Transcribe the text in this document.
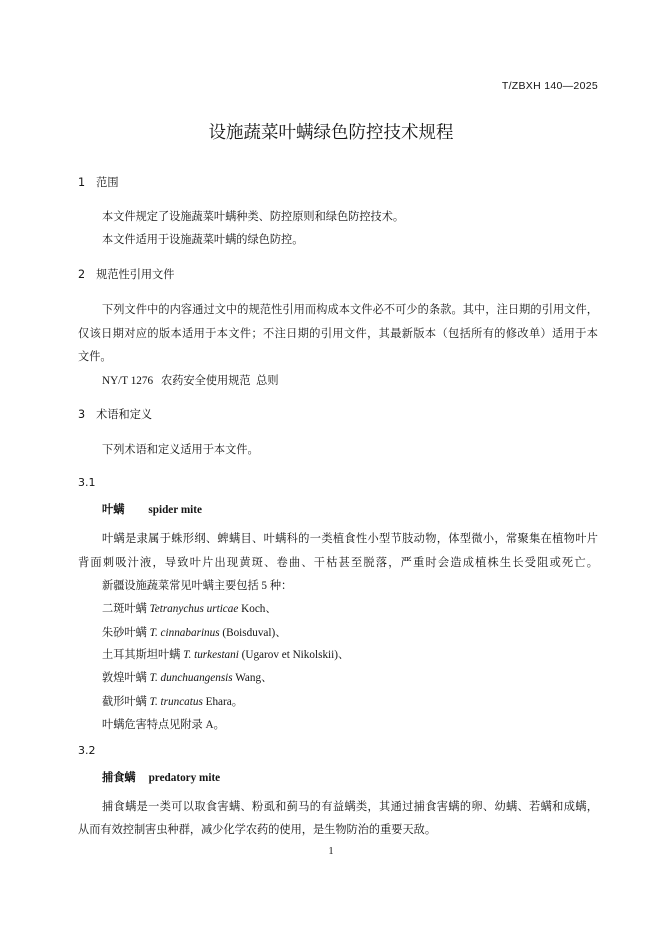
T/ZBXH 140—2025
设施蔬菜叶螨绿色防控技术规程
1 范围
本文件规定了设施蔬菜叶螨种类、防控原则和绿色防控技术。
本文件适用于设施蔬菜叶螨的绿色防控。
2 规范性引用文件
下列文件中的内容通过文中的规范性引用而构成本文件必不可少的条款。其中，注日期的引用文件，
仅该日期对应的版本适用于本文件；不注日期的引用文件，其最新版本（包括所有的修改单）适用于本
文件。
NY/T 1276 农药安全使用规范  总则
3 术语和定义
下列术语和定义适用于本文件。
3.1
叶螨 spider mite
叶螨是隶属于蛛形纲、蜱螨目、叶螨科的一类植食性小型节肢动物，体型微小，常聚集在植物叶片
背面刺吸汁液，导致叶片出现黄斑、卷曲、干枯甚至脱落，严重时会造成植株生长受阻或死亡。
新疆设施蔬菜常见叶螨主要包括 5 种：
二斑叶螨 Tetranychus urticae Koch、
朱砂叶螨 T. cinnabarinus (Boisduval)、
土耳其斯坦叶螨 T. turkestani (Ugarov et Nikolskii)、
敦煌叶螨 T. dunchuangensis Wang、
截形叶螨 T. truncatus Ehara。
叶螨危害特点见附录 A。
3.2
捕食螨 predatory mite
捕食螨是一类可以取食害螨、粉虱和蓟马的有益螨类，其通过捕食害螨的卵、幼螨、若螨和成螨，
从而有效控制害虫种群，减少化学农药的使用，是生物防治的重要天敌。
1
